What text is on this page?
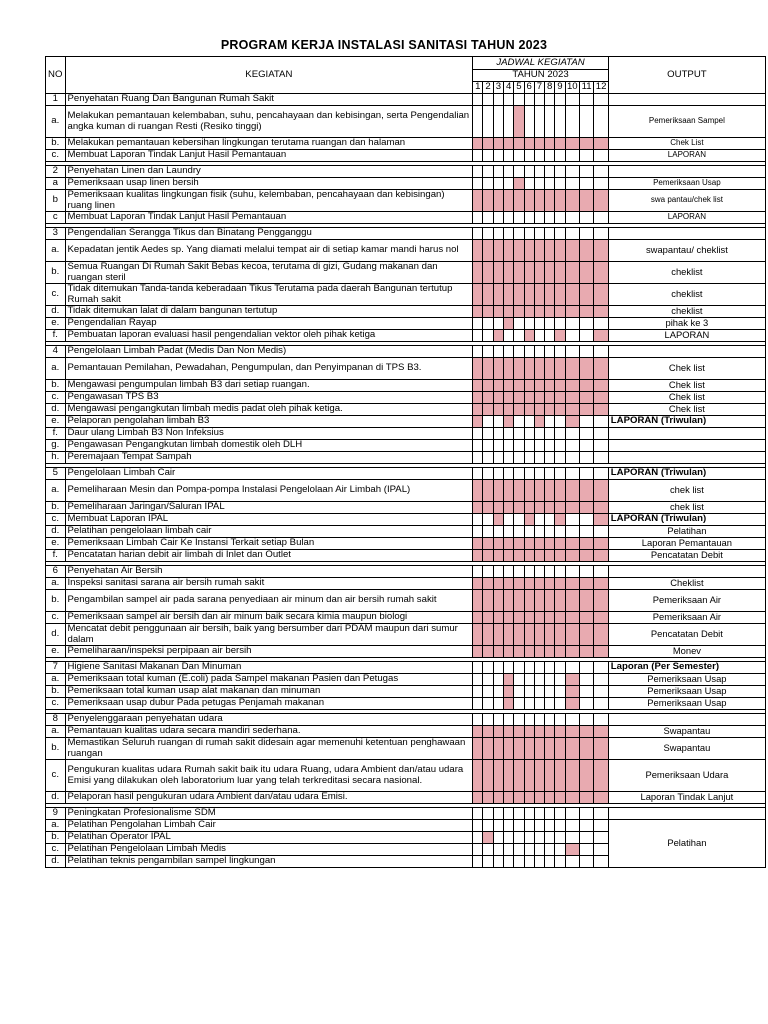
PROGRAM KERJA INSTALASI SANITASI TAHUN 2023
NO	KEGIATAN	JADWAL KEGIATAN												OUTPUT
		TAHUN 2023												
		1	2	3	4	5	6	7	8	9	10	11	12	
1	Penyehatan Ruang Dan Bangunan Rumah Sakit													
a.	Melakukan pemantauan kelembaban, suhu, pencahayaan dan kebisingan, serta Pengendalian angka kuman di ruangan Resti (Resiko tinggi)													Pemeriksaan Sampel
b.	Melakukan pemantauan kebersihan lingkungan terutama ruangan dan halaman													Chek List
c.	Membuat Laporan Tindak Lanjut Hasil Pemantauan													LAPORAN

2	Penyehatan Linen dan Laundry													
a	Pemeriksaan usap linen bersih													Pemeriksaan Usap
b	Pemeriksaan kualitas lingkungan fisik (suhu, kelembaban, pencahayaan dan kebisingan) ruang linen													swa pantau/chek list
c	Membuat Laporan Tindak Lanjut Hasil Pemantauan													LAPORAN

3	Pengendalian Serangga Tikus dan Binatang Pengganggu													
a.	Kepadatan jentik Aedes sp. Yang diamati melalui tempat air di setiap kamar mandi harus nol													swapantau/ cheklist
b.	Semua Ruangan Di Rumah Sakit Bebas kecoa, terutama di gizi, Gudang makanan dan ruangan steril													cheklist
c.	Tidak ditemukan Tanda-tanda keberadaan Tikus Terutama pada daerah Bangunan tertutup Rumah sakit													cheklist
d.	Tidak ditemukan lalat di dalam bangunan tertutup													cheklist
e.	Pengendalian Rayap													pihak ke 3
f.	Pembuatan laporan evaluasi hasil pengendalian vektor oleh pihak ketiga													LAPORAN

4	Pengelolaan Limbah Padat (Medis Dan Non Medis)													
a.	Pemantauan Pemilahan, Pewadahan, Pengumpulan, dan Penyimpanan di TPS B3.													Chek list
b.	Mengawasi pengumpulan limbah B3 dari setiap ruangan.													Chek list
c.	Pengawasan TPS B3													Chek list
d.	Mengawasi pengangkutan limbah medis padat oleh pihak ketiga.													Chek list
e.	Pelaporan pengolahan limbah B3													LAPORAN (Triwulan)
f.	Daur ulang Limbah B3 Non Infeksius													
g.	Pengawasan Pengangkutan limbah domestik oleh DLH													
h.	Peremajaan Tempat Sampah													

5	Pengelolaan Limbah Cair													LAPORAN (Triwulan)
a.	Pemeliharaan Mesin dan Pompa-pompa Instalasi Pengelolaan Air Limbah (IPAL)													chek list
b.	Pemeliharaan Jaringan/Saluran IPAL													chek list
c.	Membuat Laporan IPAL													LAPORAN (Triwulan)
d.	Pelatihan pengelolaan limbah cair													Pelatihan
e.	Pemeriksaan Limbah Cair Ke Instansi Terkait setiap Bulan													Laporan Pemantauan
f.	Pencatatan harian debit air limbah di Inlet dan Outlet													Pencatatan Debit

6	Penyehatan Air Bersih													
a.	Inspeksi sanitasi sarana air bersih rumah sakit													Cheklist
b.	Pengambilan sampel air pada sarana penyediaan air minum dan air bersih rumah sakit													Pemeriksaan Air
c.	Pemeriksaan sampel air bersih dan air minum baik secara kimia maupun biologi													Pemeriksaan Air
d.	Mencatat debit penggunaan air bersih, baik yang bersumber dari PDAM maupun dari sumur dalam													Pencatatan Debit
e.	Pemeliharaan/inspeksi perpipaan air bersih													Monev

7	Higiene Sanitasi Makanan Dan Minuman													Laporan (Per Semester)
a.	Pemeriksaan total kuman (E.coli) pada Sampel makanan Pasien dan Petugas													Pemeriksaan Usap
b.	Pemeriksaan total kuman usap alat makanan dan minuman													Pemeriksaan Usap
c.	Pemeriksaan usap dubur Pada petugas Penjamah makanan													Pemeriksaan Usap

8	Penyelenggaraan penyehatan udara													
a.	Pemantauan kualitas udara secara mandiri sederhana.													Swapantau
b.	Memastikan Seluruh ruangan di rumah sakit didesain agar memenuhi ketentuan penghawaan ruangan													Swapantau
c.	Pengukuran kualitas udara Rumah sakit baik itu udara Ruang, udara Ambient dan/atau udara Emisi yang dilakukan oleh laboratorium luar yang telah terkreditasi secara nasional.													Pemeriksaan Udara
d.	Pelaporan hasil pengukuran udara Ambient dan/atau udara Emisi.													Laporan Tindak Lanjut

9	Peningkatan Profesionalisme SDM													
a.	Pelatihan Pengolahan Limbah Cair													Pelatihan
b.	Pelatihan Operator IPAL													
c.	Pelatihan Pengelolaan Limbah Medis													
d.	Pelatihan teknis pengambilan sampel lingkungan													
